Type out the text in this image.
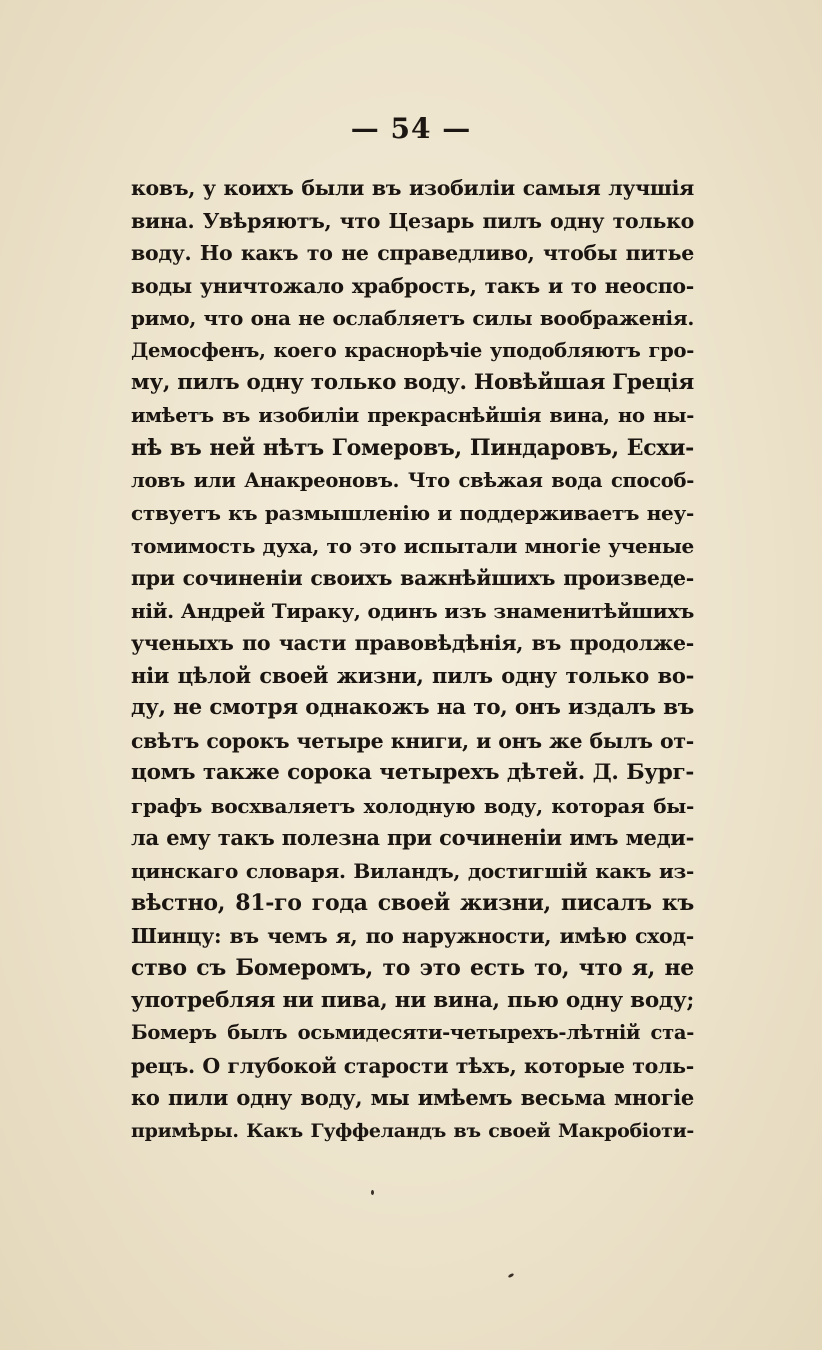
— 54 —
ковъ, у коихъ были въ изобиліи самыя лучшія
вина. Увѣряютъ, что Цезарь пилъ одну только
воду. Но какъ то не справедливо, чтобы питье
воды уничтожало храбрость, такъ и то неоспо-
римо, что она не ослабляетъ силы воображенія.
Демосфенъ, коего краснорѣчіе уподобляютъ гро-
му, пилъ одну только воду. Новѣйшая Греція
имѣетъ въ изобиліи прекраснѣйшія вина, но ны-
нѣ въ ней нѣтъ Гомеровъ, Пиндаровъ, Есхи-
ловъ или Анакреоновъ. Что свѣжая вода способ-
ствуетъ къ размышленію и поддерживаетъ неу-
томимость духа, то это испытали многіе ученые
при сочиненіи своихъ важнѣйшихъ произведе-
ній. Андрей Тираку, одинъ изъ знаменитѣйшихъ
ученыхъ по части правовѣдѣнія, въ продолже-
ніи цѣлой своей жизни, пилъ одну только во-
ду, не смотря однакожъ на то, онъ издалъ въ
свѣтъ сорокъ четыре книги, и онъ же былъ от-
цомъ также сорока четырехъ дѣтей. Д. Бург-
графъ восхваляетъ холодную воду, которая бы-
ла ему такъ полезна при сочиненіи имъ меди-
цинскаго словаря. Виландъ, достигшій какъ из-
вѣстно, 81-го года своей жизни, писалъ къ
Шинцу: въ чемъ я, по наружности, имѣю сход-
ство съ Бомеромъ, то это есть то, что я, не
употребляя ни пива, ни вина, пью одну воду;
Бомеръ былъ осьмидесяти-четырехъ-лѣтній ста-
рецъ. О глубокой старости тѣхъ, которые толь-
ко пили одну воду, мы имѣемъ весьма многіе
примѣры. Какъ Гуффеландъ въ своей Макробіоти-
